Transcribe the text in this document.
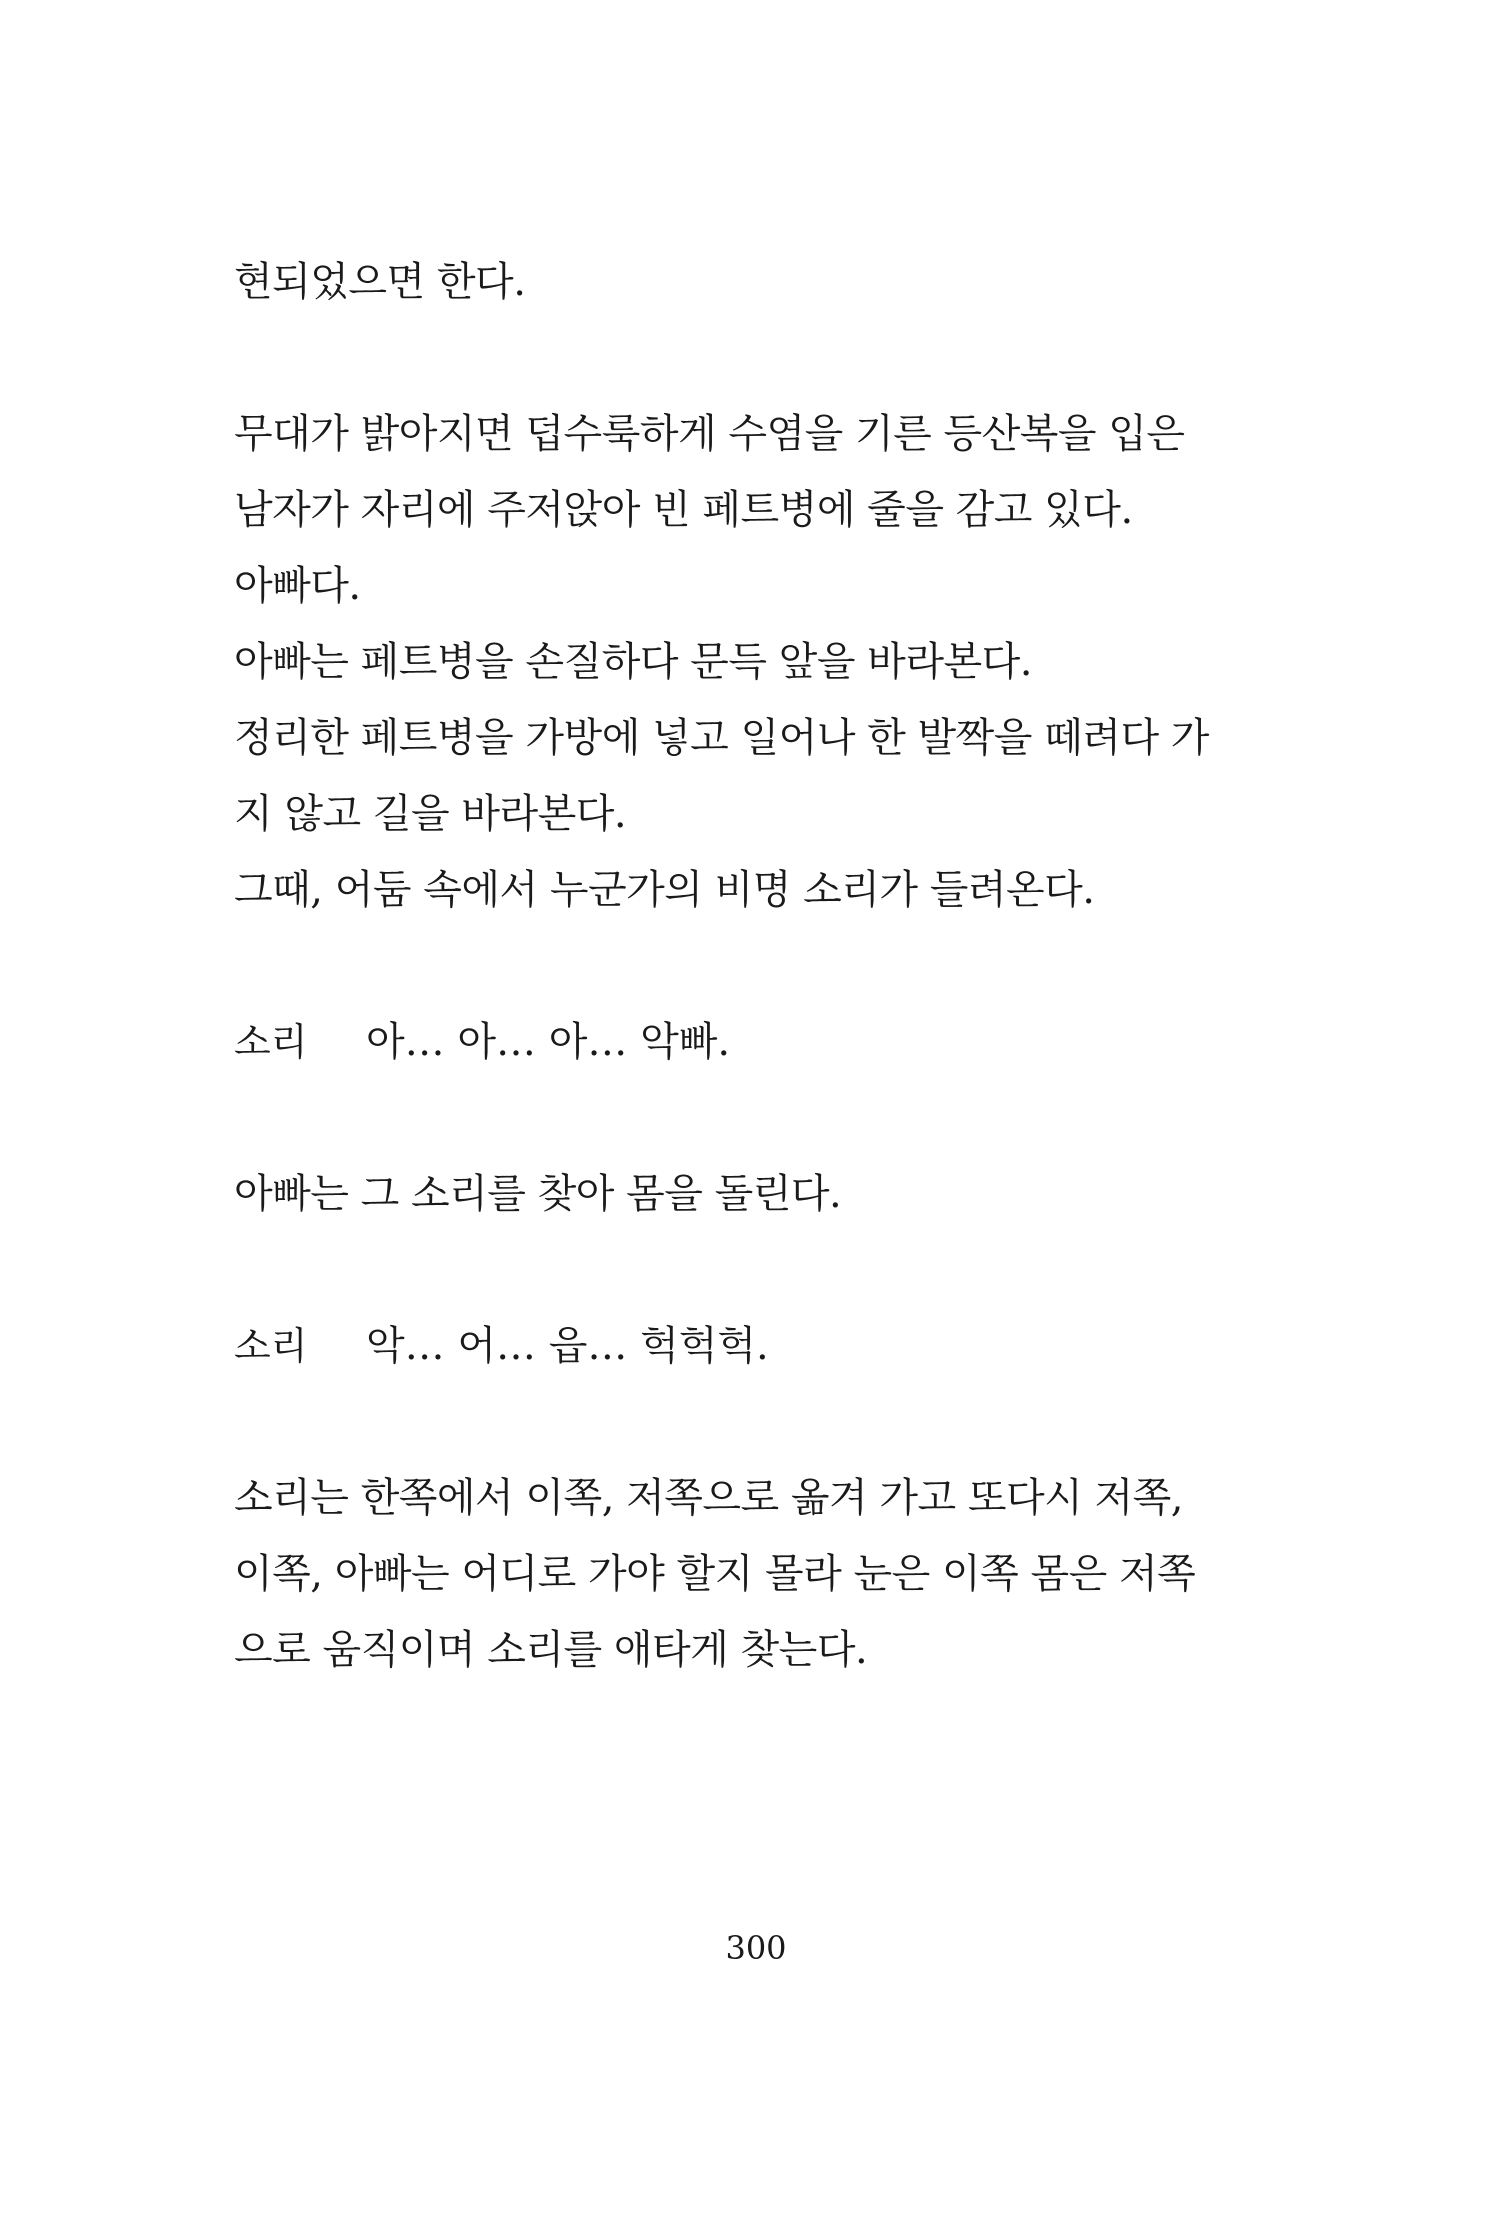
현되었으면 한다.
무대가 밝아지면 덥수룩하게 수염을 기른 등산복을 입은
남자가 자리에 주저앉아 빈 페트병에 줄을 감고 있다.
아빠다.
아빠는 페트병을 손질하다 문득 앞을 바라본다.
정리한 페트병을 가방에 넣고 일어나 한 발짝을 떼려다 가
지 않고 길을 바라본다.
그때, 어둠 속에서 누군가의 비명 소리가 들려온다.
소리 아… 아… 아… 악빠.
아빠는 그 소리를 찾아 몸을 돌린다.
소리 악… 어… 읍… 헉헉헉.
소리는 한쪽에서 이쪽, 저쪽으로 옮겨 가고 또다시 저쪽,
이쪽, 아빠는 어디로 가야 할지 몰라 눈은 이쪽 몸은 저쪽
으로 움직이며 소리를 애타게 찾는다.
300
